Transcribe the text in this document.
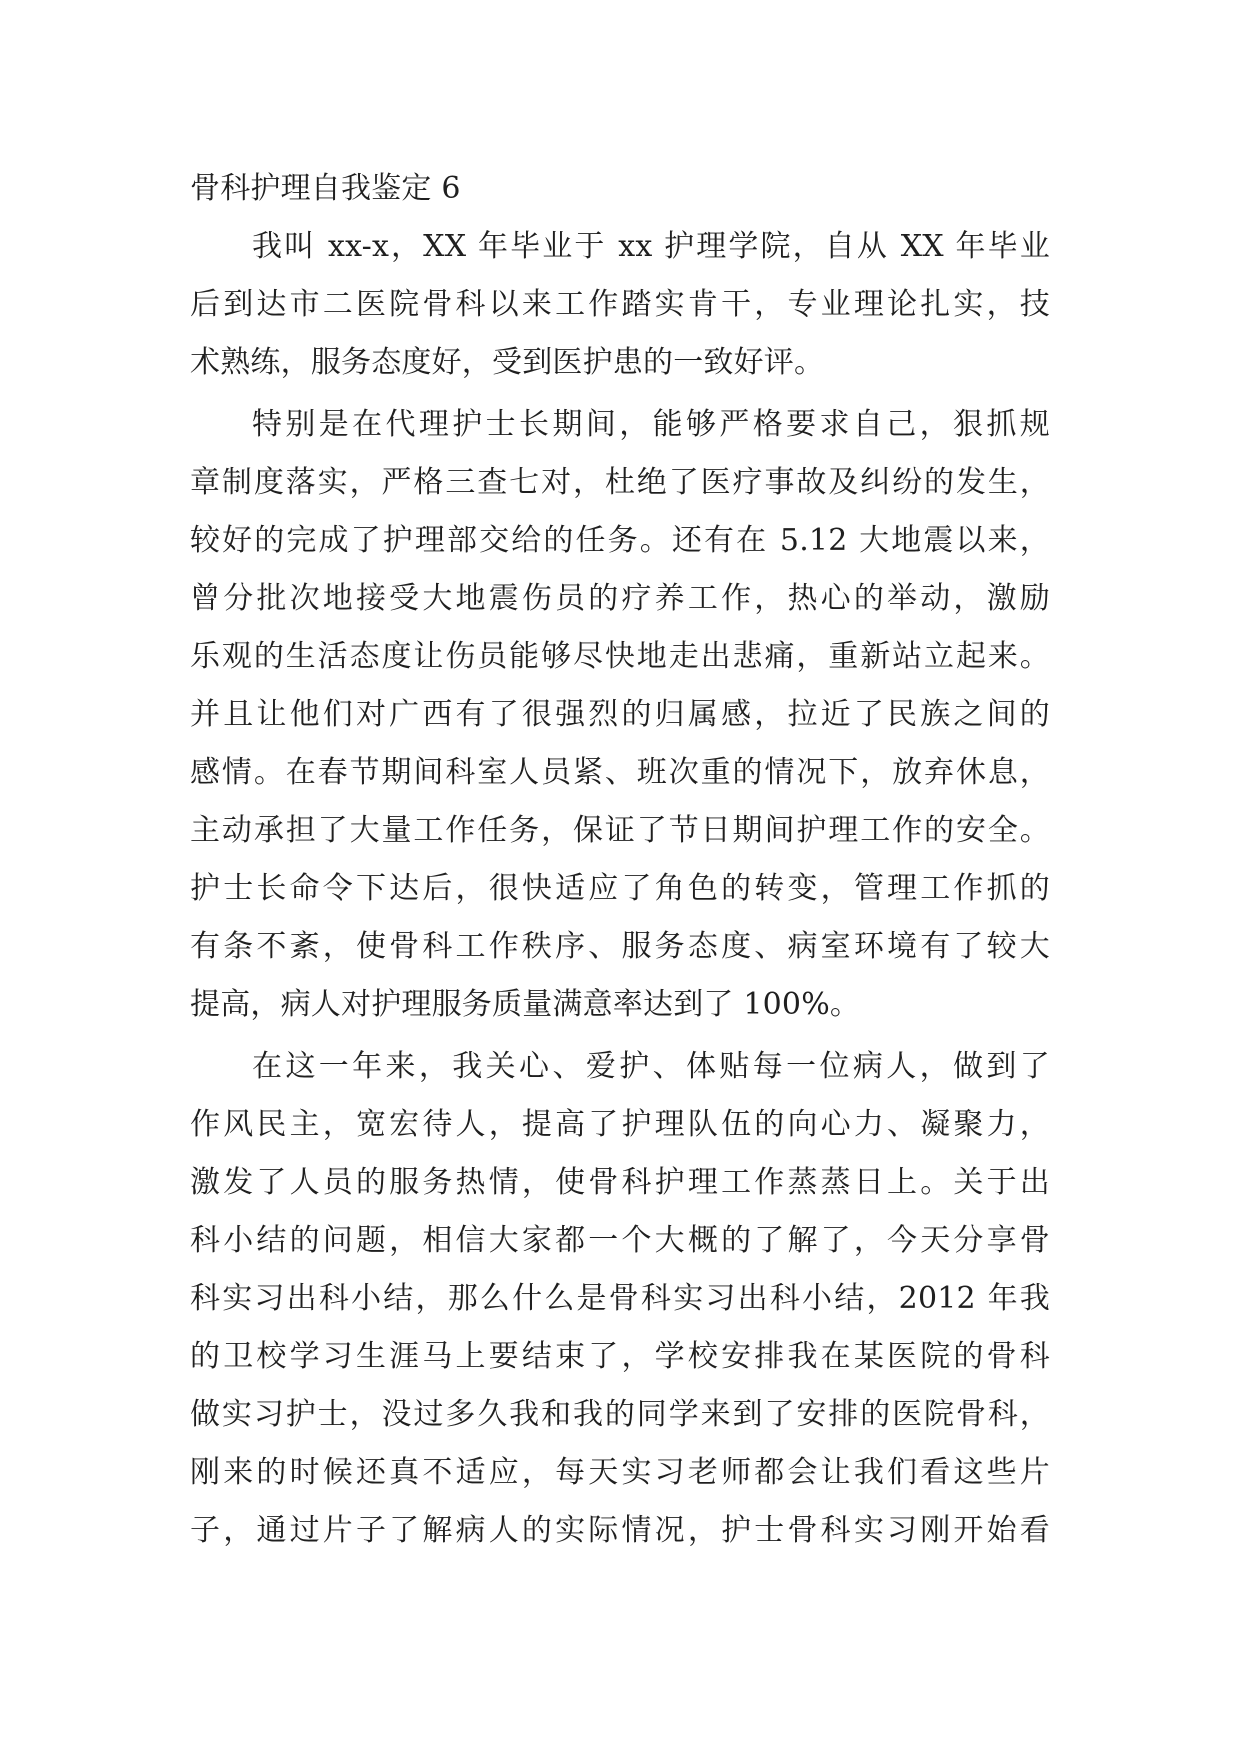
骨科护理自我鉴定 6
我叫 xx-x，XX 年毕业于 xx 护理学院，自从 XX 年毕业
后到达市二医院骨科以来工作踏实肯干，专业理论扎实，技
术熟练，服务态度好，受到医护患的一致好评。
特别是在代理护士长期间，能够严格要求自己，狠抓规
章制度落实，严格三查七对，杜绝了医疗事故及纠纷的发生，
较好的完成了护理部交给的任务。还有在 5.12 大地震以来，
曾分批次地接受大地震伤员的疗养工作，热心的举动，激励
乐观的生活态度让伤员能够尽快地走出悲痛，重新站立起来。
并且让他们对广西有了很强烈的归属感，拉近了民族之间的
感情。在春节期间科室人员紧、班次重的情况下，放弃休息，
主动承担了大量工作任务，保证了节日期间护理工作的安全。
护士长命令下达后，很快适应了角色的转变，管理工作抓的
有条不紊，使骨科工作秩序、服务态度、病室环境有了较大
提高，病人对护理服务质量满意率达到了 100%。
在这一年来，我关心、爱护、体贴每一位病人，做到了
作风民主，宽宏待人，提高了护理队伍的向心力、凝聚力，
激发了人员的服务热情，使骨科护理工作蒸蒸日上。关于出
科小结的问题，相信大家都一个大概的了解了，今天分享骨
科实习出科小结，那么什么是骨科实习出科小结，2012 年我
的卫校学习生涯马上要结束了，学校安排我在某医院的骨科
做实习护士，没过多久我和我的同学来到了安排的医院骨科，
刚来的时候还真不适应，每天实习老师都会让我们看这些片
子，通过片子了解病人的实际情况，护士骨科实习刚开始看
